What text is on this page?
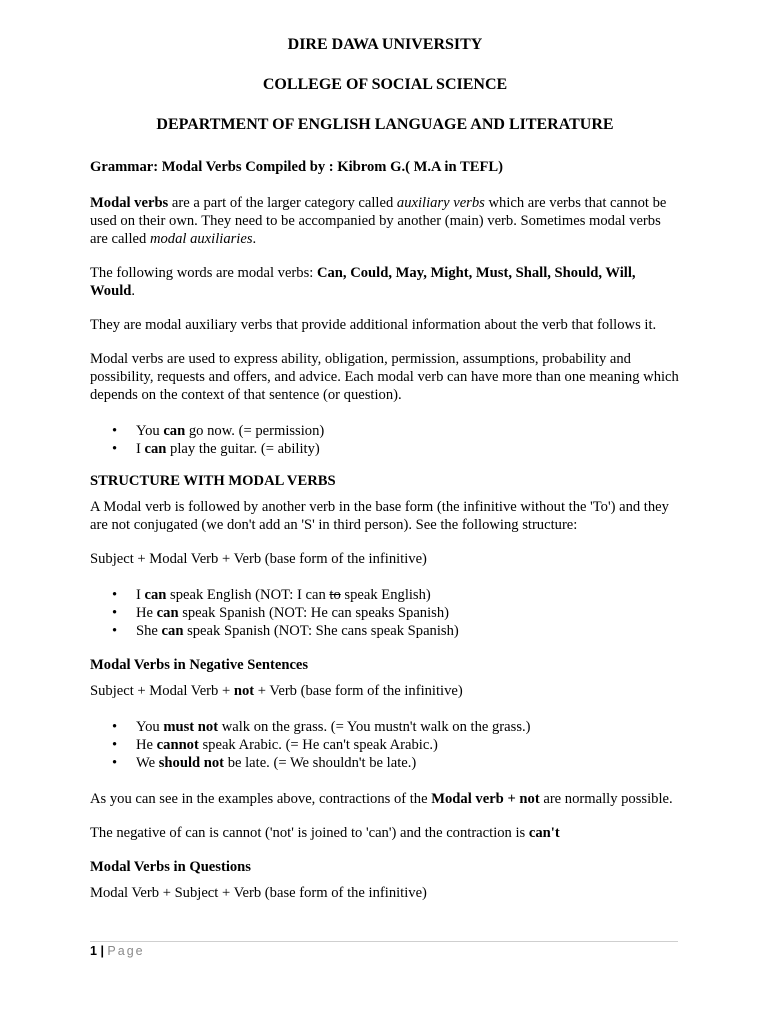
DIRE DAWA UNIVERSITY

COLLEGE OF SOCIAL SCIENCE

DEPARTMENT OF ENGLISH LANGUAGE AND LITERATURE

Grammar: Modal Verbs Compiled by : Kibrom G.( M.A in TEFL)

Modal verbs are a part of the larger category called auxiliary verbs which are verbs that cannot be used on their own. They need to be accompanied by another (main) verb. Sometimes modal verbs are called modal auxiliaries.

The following words are modal verbs: Can, Could, May, Might, Must, Shall, Should, Will, Would.

They are modal auxiliary verbs that provide additional information about the verb that follows it.

Modal verbs are used to express ability, obligation, permission, assumptions, probability and possibility, requests and offers, and advice. Each modal verb can have more than one meaning which depends on the context of that sentence (or question).

• You can go now. (= permission)
• I can play the guitar. (= ability)

STRUCTURE WITH MODAL VERBS

A Modal verb is followed by another verb in the base form (the infinitive without the 'To') and they are not conjugated (we don't add an 'S' in third person). See the following structure:

Subject + Modal Verb + Verb (base form of the infinitive)

• I can speak English (NOT: I can to speak English)
• He can speak Spanish (NOT: He can speaks Spanish)
• She can speak Spanish (NOT: She cans speak Spanish)

Modal Verbs in Negative Sentences

Subject + Modal Verb + not + Verb (base form of the infinitive)

• You must not walk on the grass. (= You mustn't walk on the grass.)
• He cannot speak Arabic. (= He can't speak Arabic.)
• We should not be late. (= We shouldn't be late.)

As you can see in the examples above, contractions of the Modal verb + not are normally possible.

The negative of can is cannot ('not' is joined to 'can') and the contraction is can't

Modal Verbs in Questions

Modal Verb + Subject + Verb (base form of the infinitive)

1 | Page
